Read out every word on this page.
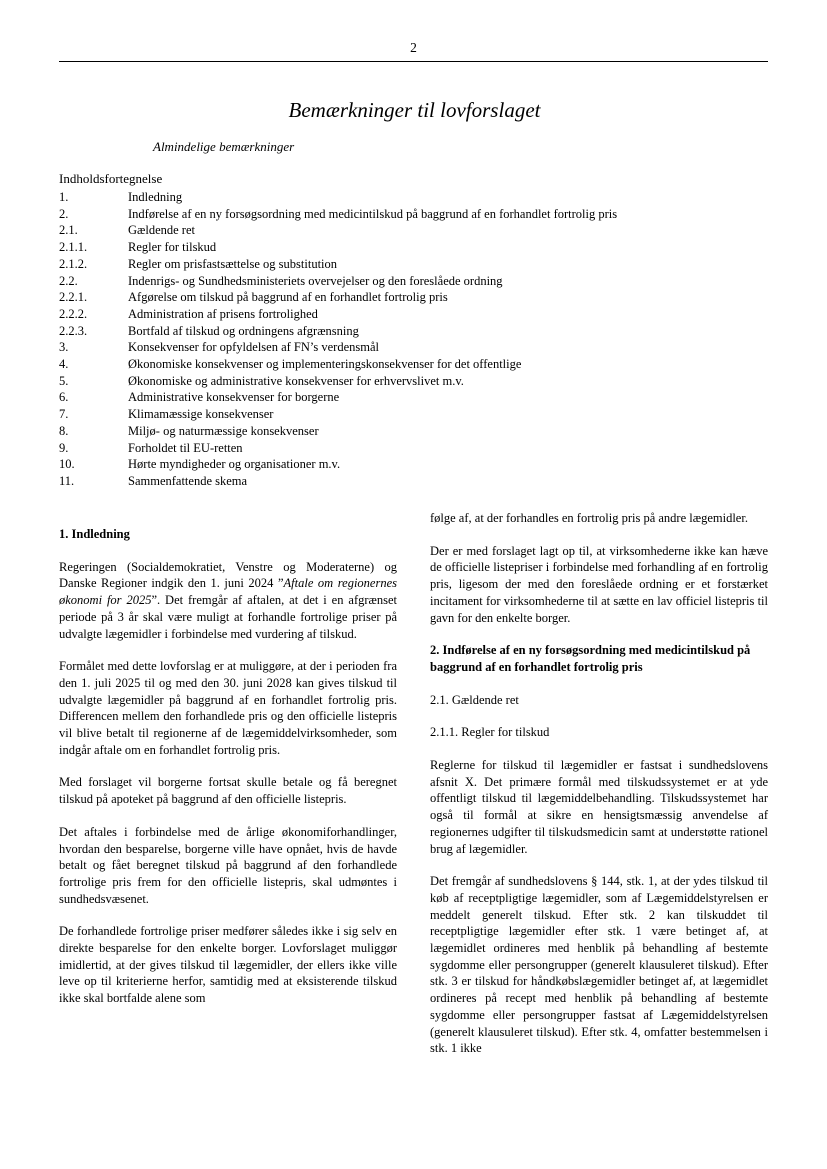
2
Bemærkninger til lovforslaget
Almindelige bemærkninger
Indholdsfortegnelse
1.	Indledning
2.	Indførelse af en ny forsøgsordning med medicintilskud på baggrund af en forhandlet fortrolig pris
2.1.	Gældende ret
2.1.1.	Regler for tilskud
2.1.2.	Regler om prisfastsættelse og substitution
2.2.	Indenrigs- og Sundhedsministeriets overvejelser og den foreslåede ordning
2.2.1.	Afgørelse om tilskud på baggrund af en forhandlet fortrolig pris
2.2.2.	Administration af prisens fortrolighed
2.2.3.	Bortfald af tilskud og ordningens afgrænsning
3.	Konsekvenser for opfyldelsen af FN’s verdensmål
4.	Økonomiske konsekvenser og implementeringskonsekvenser for det offentlige
5.	Økonomiske og administrative konsekvenser for erhvervslivet m.v.
6.	Administrative konsekvenser for borgerne
7.	Klimamæssige konsekvenser
8.	Miljø- og naturmæssige konsekvenser
9.	Forholdet til EU-retten
10.	Hørte myndigheder og organisationer m.v.
11.	Sammenfattende skema
1. Indledning

Regeringen (Socialdemokratiet, Venstre og Moderaterne) og Danske Regioner indgik den 1. juni 2024 ”Aftale om regionernes økonomi for 2025”. Det fremgår af aftalen, at det i en afgrænset periode på 3 år skal være muligt at forhandle fortrolige priser på udvalgte lægemidler i forbindelse med vurdering af tilskud.

Formålet med dette lovforslag er at muliggøre, at der i perioden fra den 1. juli 2025 til og med den 30. juni 2028 kan gives tilskud til udvalgte lægemidler på baggrund af en forhandlet fortrolig pris. Differencen mellem den forhandlede pris og den officielle listepris vil blive betalt til regionerne af de lægemiddelvirksomheder, som indgår aftale om en forhandlet fortrolig pris.

Med forslaget vil borgerne fortsat skulle betale og få beregnet tilskud på apoteket på baggrund af den officielle listepris.

Det aftales i forbindelse med de årlige økonomiforhandlinger, hvordan den besparelse, borgerne ville have opnået, hvis de havde betalt og fået beregnet tilskud på baggrund af den forhandlede fortrolige pris frem for den officielle listepris, skal udmøntes i sundhedsvæsenet.

De forhandlede fortrolige priser medfører således ikke i sig selv en direkte besparelse for den enkelte borger. Lovforslaget muliggør imidlertid, at der gives tilskud til lægemidler, der ellers ikke ville leve op til kriterierne herfor, samtidig med at eksisterende tilskud ikke skal bortfalde alene som

følge af, at der forhandles en fortrolig pris på andre lægemidler.

Der er med forslaget lagt op til, at virksomhederne ikke kan hæve de officielle listepriser i forbindelse med forhandling af en fortrolig pris, ligesom der med den foreslåede ordning er et forstærket incitament for virksomhederne til at sætte en lav officiel listepris til gavn for den enkelte borger.

2. Indførelse af en ny forsøgsordning med medicintilskud på baggrund af en forhandlet fortrolig pris
2.1. Gældende ret
2.1.1. Regler for tilskud

Reglerne for tilskud til lægemidler er fastsat i sundhedslovens afsnit X. Det primære formål med tilskudssystemet er at yde offentligt tilskud til lægemiddelbehandling. Tilskudssystemet har også til formål at sikre en hensigtsmæssig anvendelse af regionernes udgifter til tilskudsmedicin samt at understøtte rationel brug af lægemidler.

Det fremgår af sundhedslovens § 144, stk. 1, at der ydes tilskud til køb af receptpligtige lægemidler, som af Lægemiddelstyrelsen er meddelt generelt tilskud. Efter stk. 2 kan tilskuddet til receptpligtige lægemidler efter stk. 1 være betinget af, at lægemidlet ordineres med henblik på behandling af bestemte sygdomme eller persongrupper (generelt klausuleret tilskud). Efter stk. 3 er tilskud for håndkøbslægemidler betinget af, at lægemidlet ordineres på recept med henblik på behandling af bestemte sygdomme eller persongrupper fastsat af Lægemiddelstyrelsen (generelt klausuleret tilskud). Efter stk. 4, omfatter bestemmelsen i stk. 1 ikke
